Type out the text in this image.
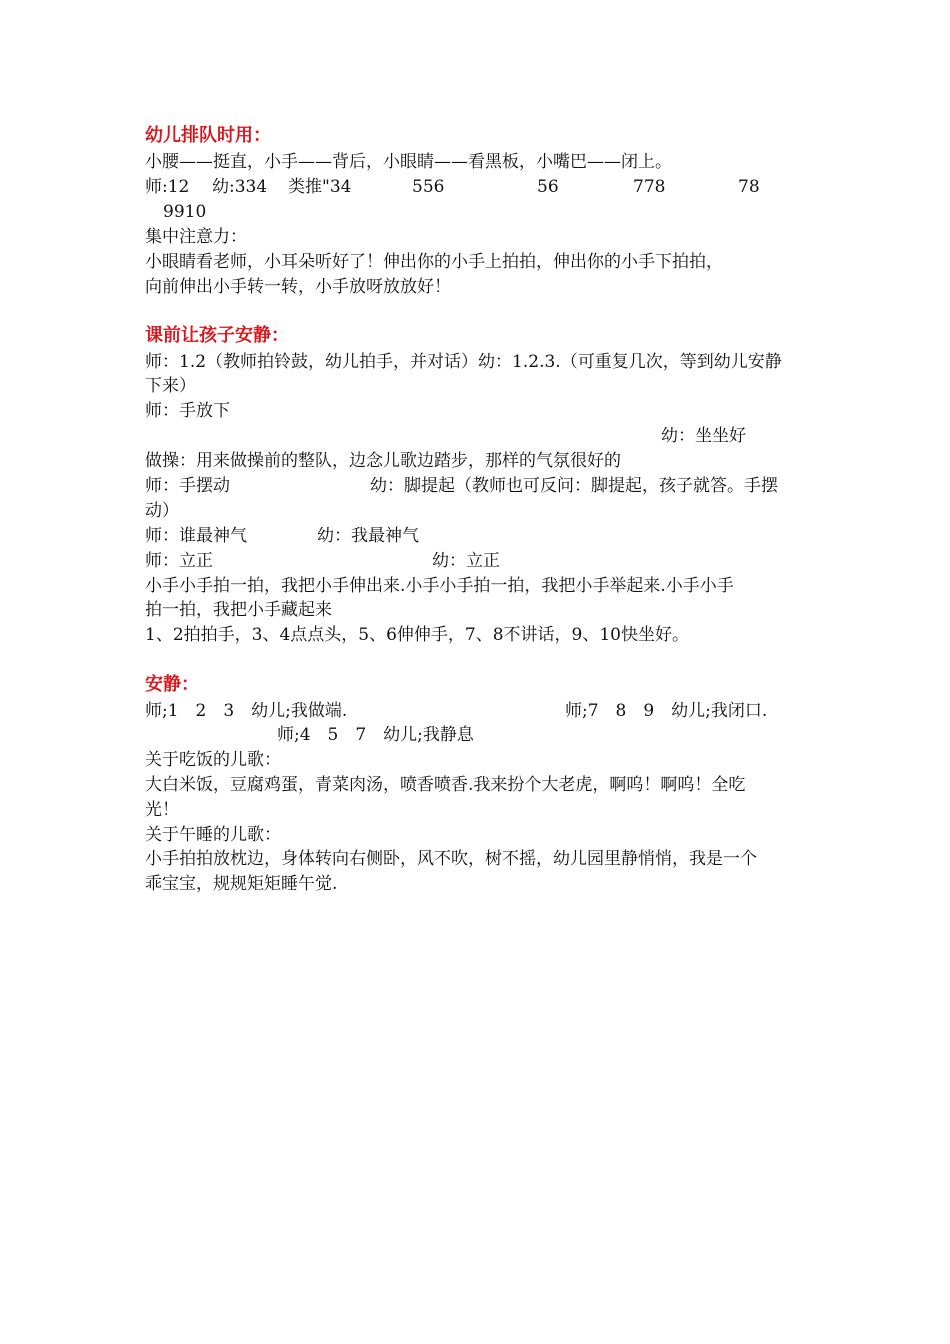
幼儿排队时用：

小腰——挺直，小手——背后，小眼睛——看黑板，小嘴巴——闭上。

师:12 幼:334 类推"34	556	56	778	78

9910

集中注意力：

小眼睛看老师，小耳朵听好了！伸出你的小手上拍拍，伸出你的小手下拍拍，

向前伸出小手转一转，小手放呀放放好！

课前让孩子安静：

师：1.2（教师拍铃鼓，幼儿拍手，并对话）幼：1.2.3.（可重复几次，等到幼儿安静

下来）

师：手放下

幼：坐坐好

做操：用来做操前的整队，边念儿歌边踏步，那样的气氛很好的

师：手摆动	幼：脚提起（教师也可反问：脚提起，孩子就答。手摆

动）

师：谁最神气	幼：我最神气

师：立正	幼：立正

小手小手拍一拍，我把小手伸出来.小手小手拍一拍，我把小手举起来.小手小手

拍一拍，我把小手藏起来

1、2拍拍手，3、4点点头，5、6伸伸手，7、8不讲话，9、10快坐好。

安静：

师;1　2　3　幼儿;我做端.	师;7　8　9　幼儿;我闭口.

师;4　5　7　幼儿;我静息

关于吃饭的儿歌：

大白米饭，豆腐鸡蛋，青菜肉汤，喷香喷香.我来扮个大老虎，啊呜！啊呜！全吃

光！

关于午睡的儿歌：

小手拍拍放枕边，身体转向右侧卧，风不吹，树不摇，幼儿园里静悄悄，我是一个

乖宝宝，规规矩矩睡午觉.
